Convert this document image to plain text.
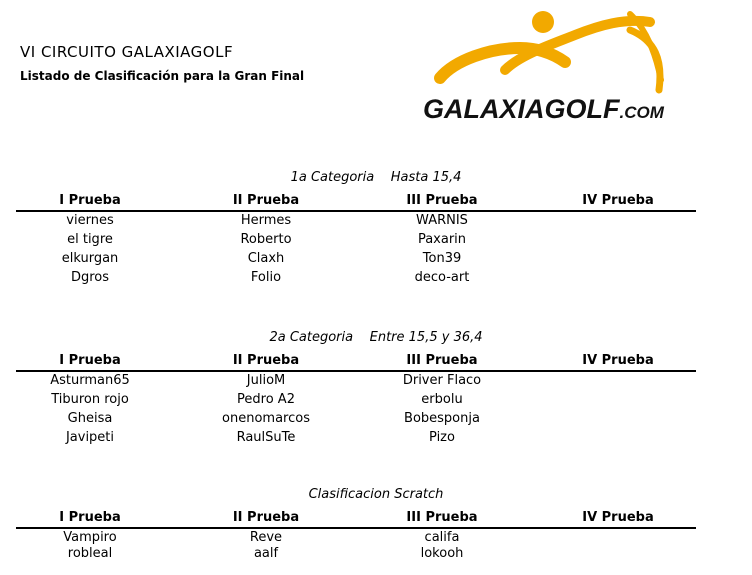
VI CIRCUITO GALAXIAGOLF
Listado de Clasificación para la Gran Final
GALAXIAGOLF.COM
1a Categoria    Hasta 15,4
I Prueba	II Prueba	III Prueba	IV Prueba
viernes	Hermes	WARNIS
el tigre	Roberto	Paxarin
elkurgan	Claxh	Ton39
Dgros	Folio	deco-art
2a Categoria    Entre 15,5 y 36,4
I Prueba	II Prueba	III Prueba	IV Prueba
Asturman65	JulioM	Driver Flaco
Tiburon rojo	Pedro A2	erbolu
Gheisa	onenomarcos	Bobesponja
Javipeti	RaulSuTe	Pizo
Clasificacion Scratch
I Prueba	II Prueba	III Prueba	IV Prueba
Vampiro	Reve	califa
robleal	aalf	lokooh
